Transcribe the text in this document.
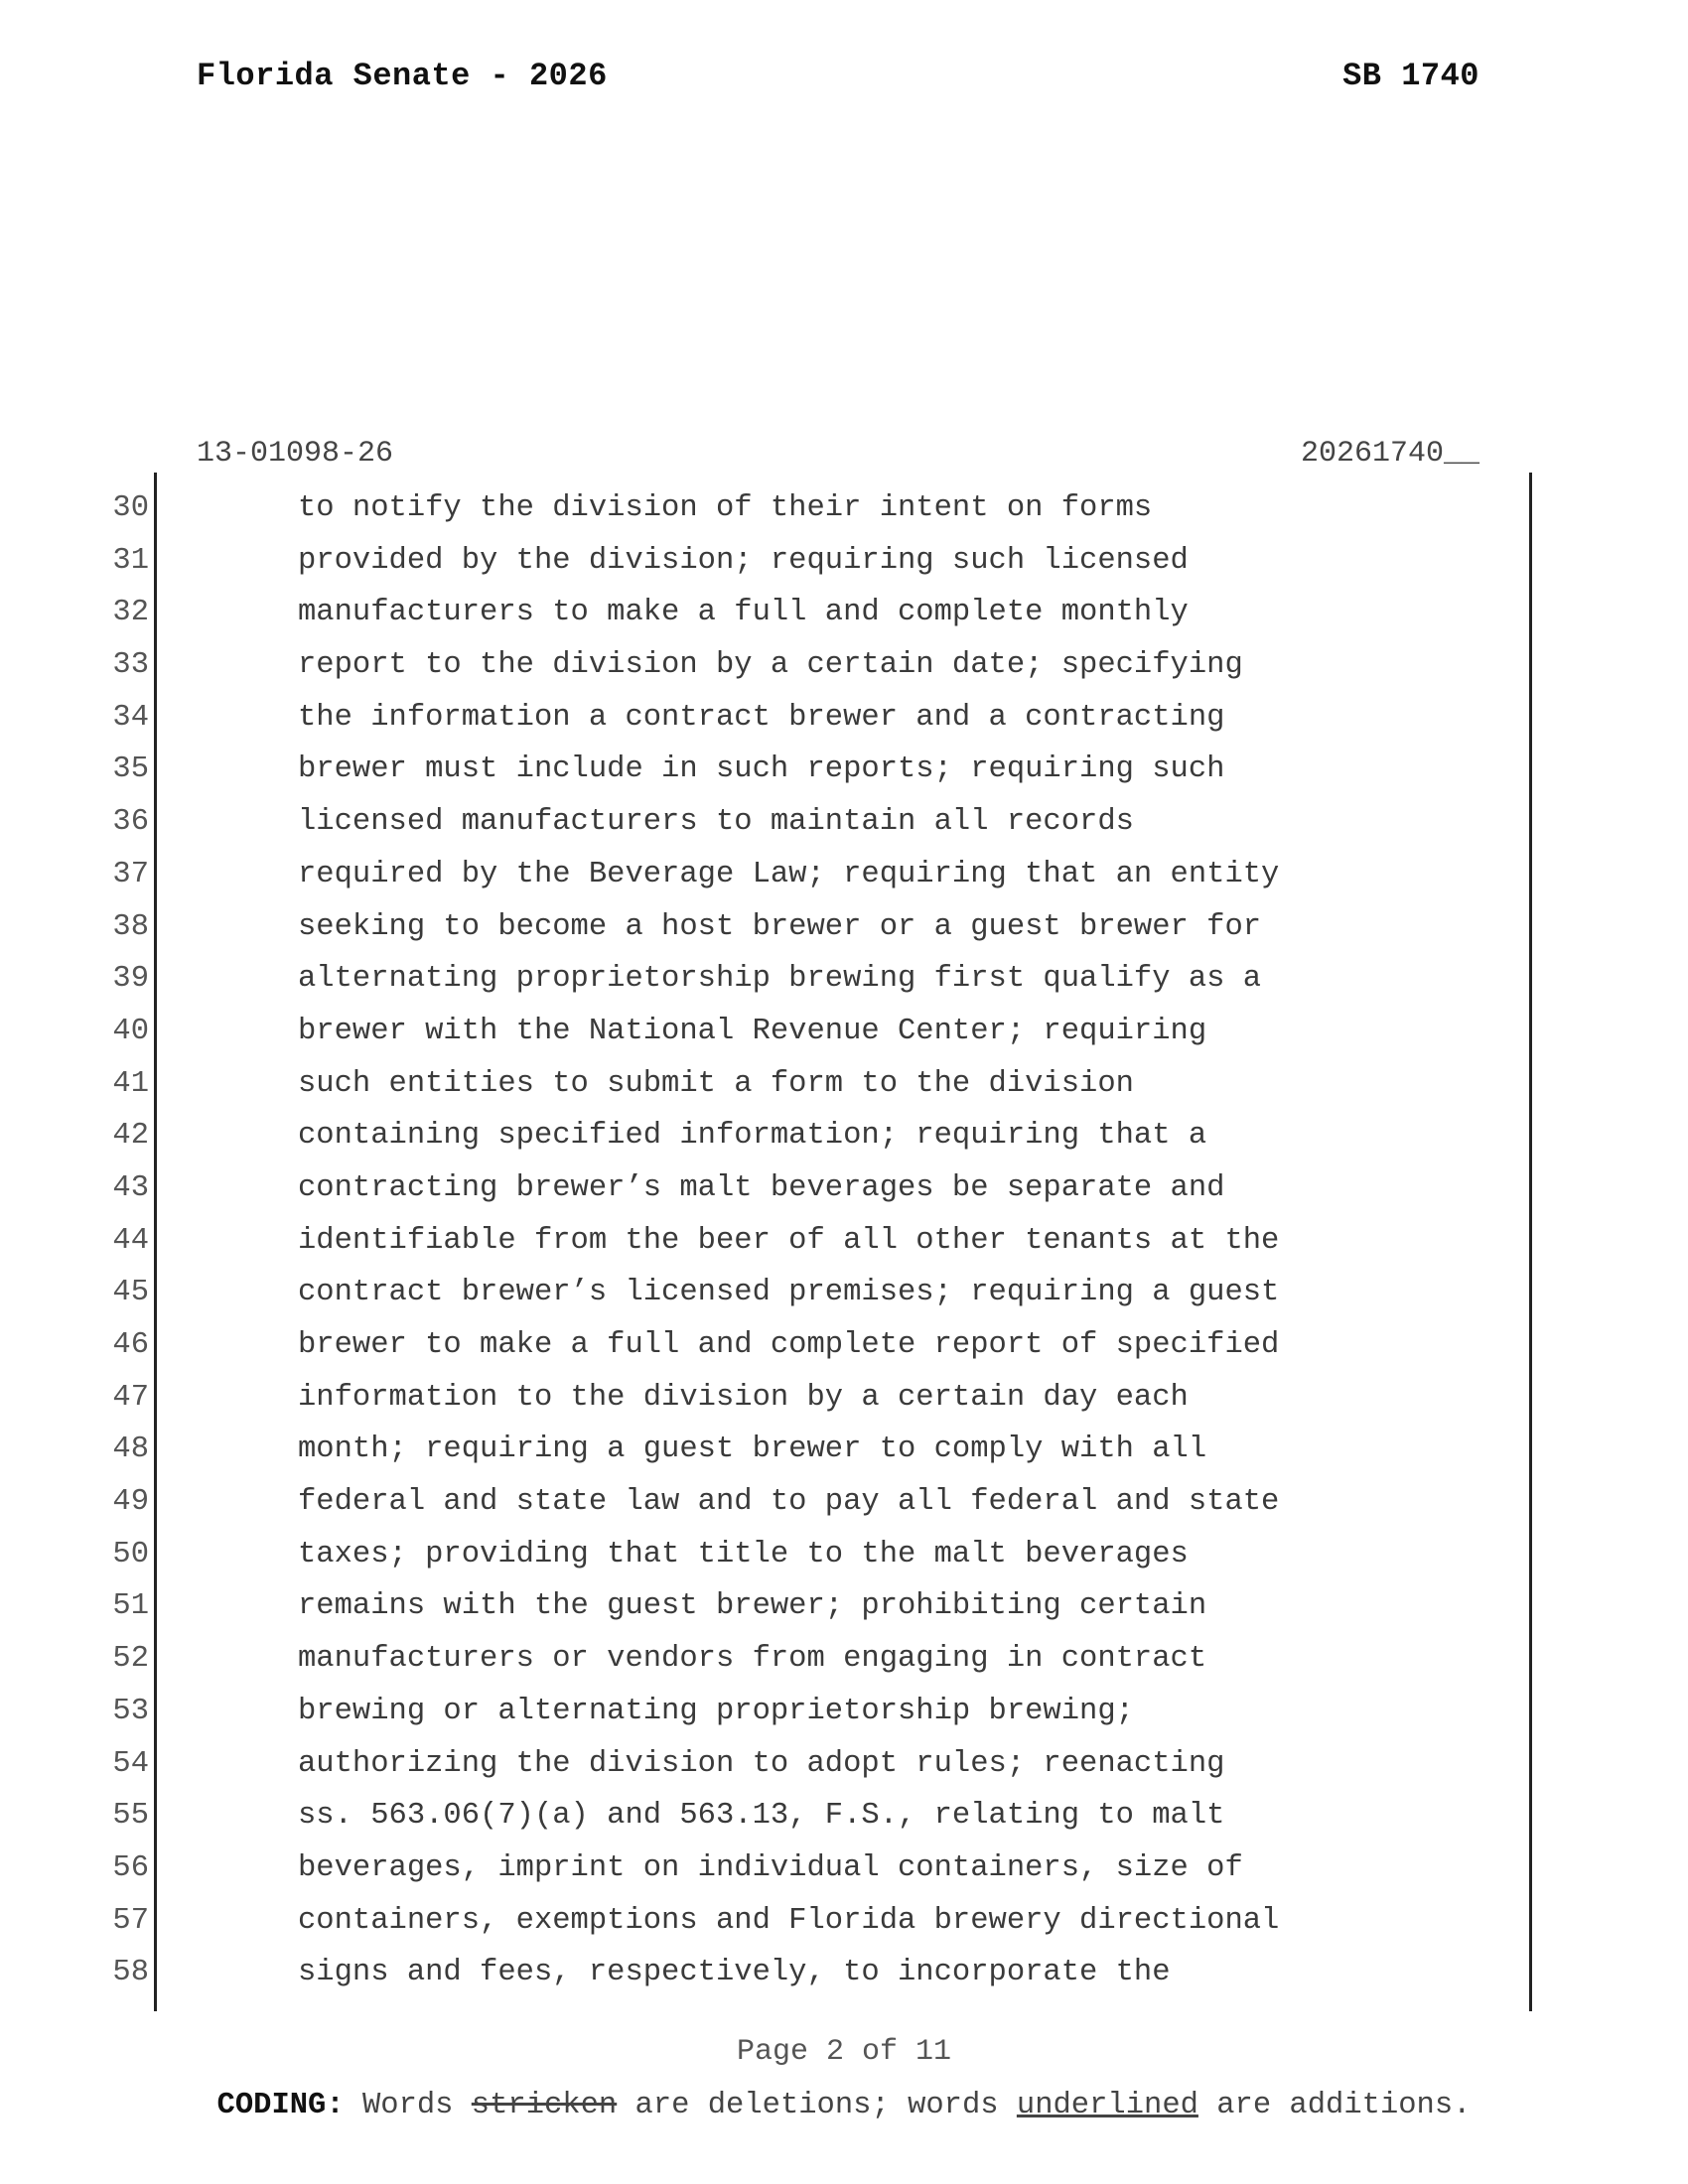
Florida Senate - 2026	SB 1740
13-01098-26	20261740__
30	to notify the division of their intent on forms
31	provided by the division; requiring such licensed
32	manufacturers to make a full and complete monthly
33	report to the division by a certain date; specifying
34	the information a contract brewer and a contracting
35	brewer must include in such reports; requiring such
36	licensed manufacturers to maintain all records
37	required by the Beverage Law; requiring that an entity
38	seeking to become a host brewer or a guest brewer for
39	alternating proprietorship brewing first qualify as a
40	brewer with the National Revenue Center; requiring
41	such entities to submit a form to the division
42	containing specified information; requiring that a
43	contracting brewer’s malt beverages be separate and
44	identifiable from the beer of all other tenants at the
45	contract brewer’s licensed premises; requiring a guest
46	brewer to make a full and complete report of specified
47	information to the division by a certain day each
48	month; requiring a guest brewer to comply with all
49	federal and state law and to pay all federal and state
50	taxes; providing that title to the malt beverages
51	remains with the guest brewer; prohibiting certain
52	manufacturers or vendors from engaging in contract
53	brewing or alternating proprietorship brewing;
54	authorizing the division to adopt rules; reenacting
55	ss. 563.06(7)(a) and 563.13, F.S., relating to malt
56	beverages, imprint on individual containers, size of
57	containers, exemptions and Florida brewery directional
58	signs and fees, respectively, to incorporate the
Page 2 of 11
CODING: Words stricken are deletions; words underlined are additions.
